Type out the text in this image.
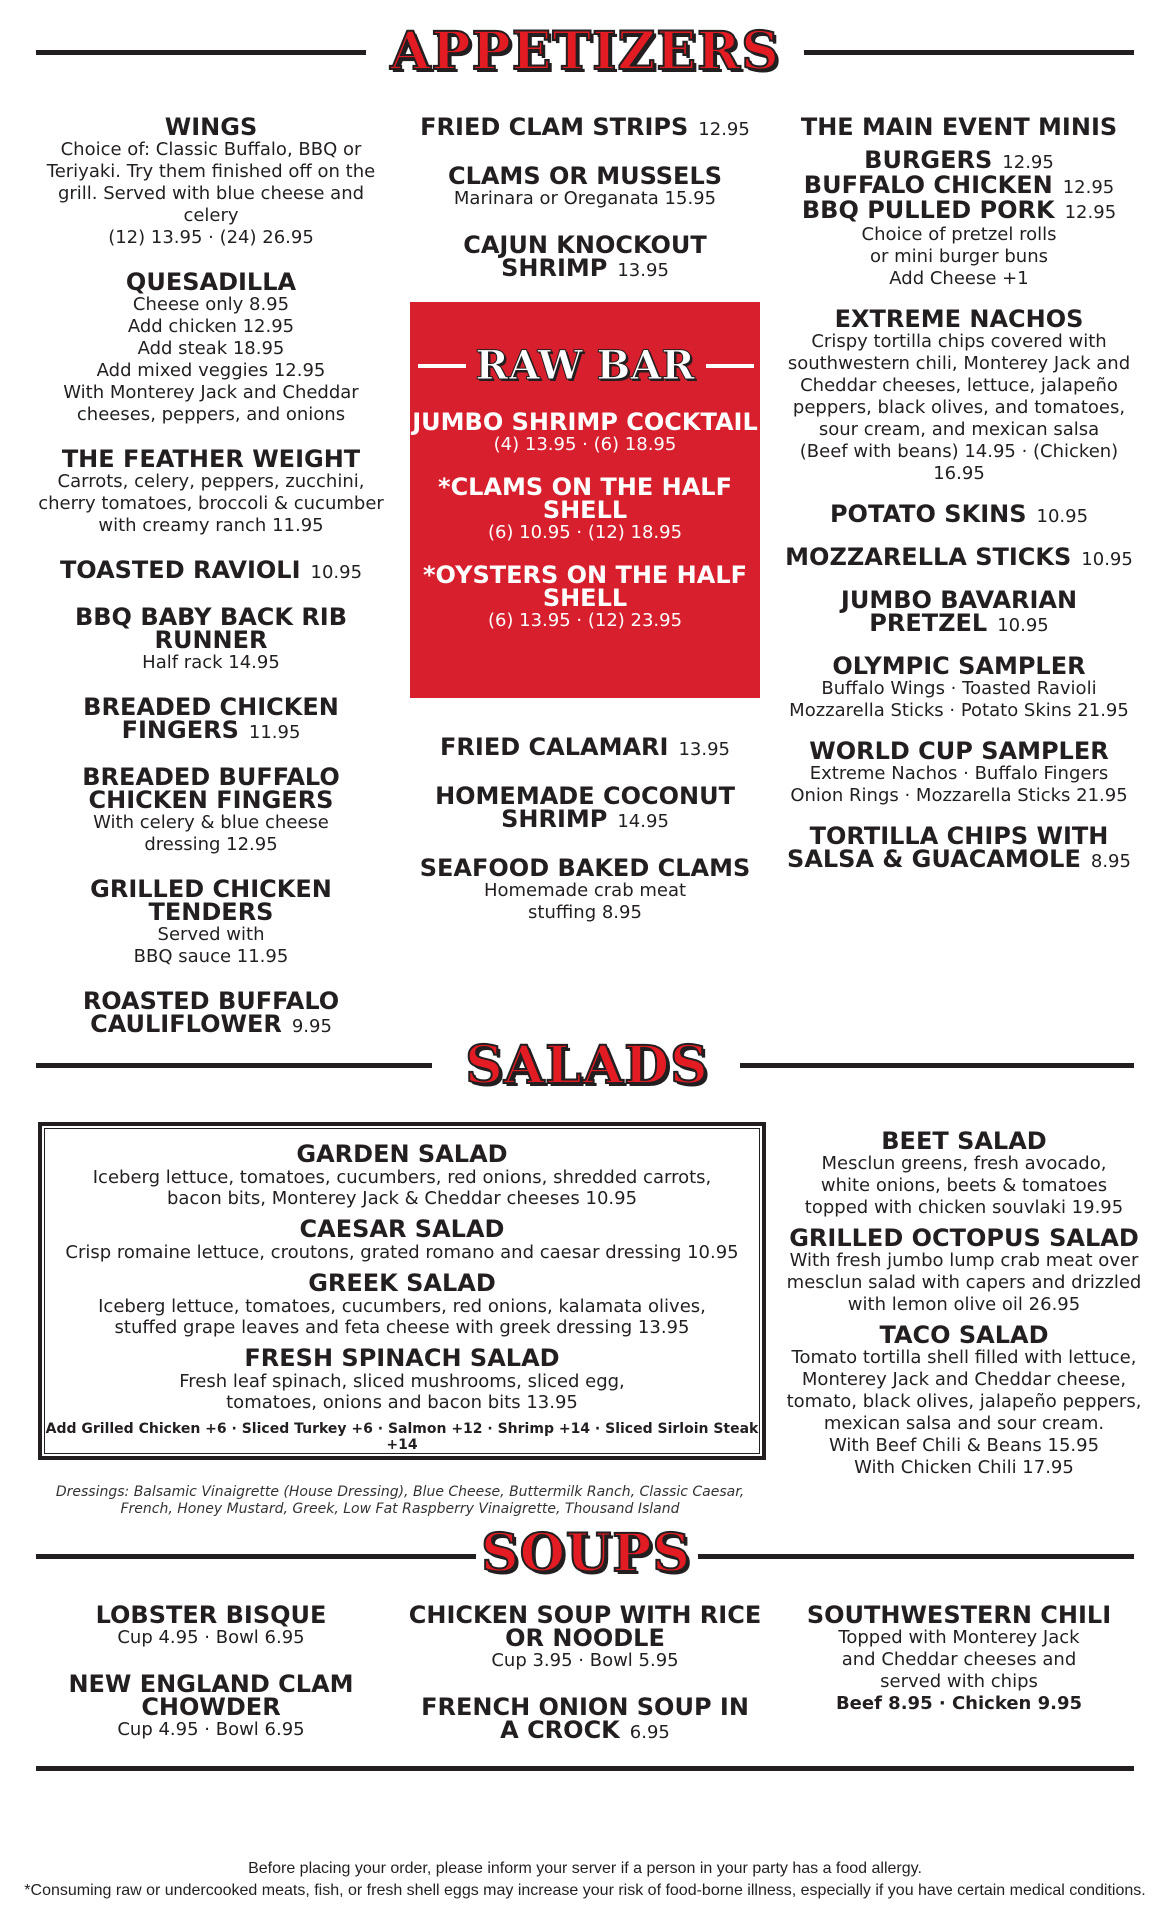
APPETIZERS
WINGS
Choice of: Classic Buffalo, BBQ or
Teriyaki. Try them finished off on the
grill. Served with blue cheese and celery
(12) 13.95 · (24) 26.95
QUESADILLA
Cheese only 8.95
Add chicken 12.95
Add steak 18.95
Add mixed veggies 12.95
With Monterey Jack and Cheddar
cheeses, peppers, and onions
THE FEATHER WEIGHT
Carrots, celery, peppers, zucchini,
cherry tomatoes, broccoli & cucumber
with creamy ranch 11.95
TOASTED RAVIOLI 10.95
BBQ BABY BACK RIB RUNNER
Half rack 14.95
BREADED CHICKEN FINGERS 11.95
BREADED BUFFALO CHICKEN FINGERS
With celery & blue cheese
dressing 12.95
GRILLED CHICKEN TENDERS
Served with
BBQ sauce 11.95
ROASTED BUFFALO CAULIFLOWER 9.95
FRIED CLAM STRIPS 12.95
CLAMS OR MUSSELS
Marinara or Oreganata 15.95
CAJUN KNOCKOUT SHRIMP 13.95
RAW BAR
JUMBO SHRIMP COCKTAIL
(4) 13.95 · (6) 18.95
*CLAMS ON THE HALF SHELL
(6) 10.95 · (12) 18.95
*OYSTERS ON THE HALF SHELL
(6) 13.95 · (12) 23.95
FRIED CALAMARI 13.95
HOMEMADE COCONUT SHRIMP 14.95
SEAFOOD BAKED CLAMS
Homemade crab meat
stuffing 8.95
THE MAIN EVENT MINIS
BURGERS 12.95
BUFFALO CHICKEN 12.95
BBQ PULLED PORK 12.95
Choice of pretzel rolls
or mini burger buns
Add Cheese +1
EXTREME NACHOS
Crispy tortilla chips covered with
southwestern chili, Monterey Jack and
Cheddar cheeses, lettuce, jalapeño
peppers, black olives, and tomatoes,
sour cream, and mexican salsa
(Beef with beans) 14.95 · (Chicken) 16.95
POTATO SKINS 10.95
MOZZARELLA STICKS 10.95
JUMBO BAVARIAN PRETZEL 10.95
OLYMPIC SAMPLER
Buffalo Wings · Toasted Ravioli
Mozzarella Sticks · Potato Skins 21.95
WORLD CUP SAMPLER
Extreme Nachos · Buffalo Fingers
Onion Rings · Mozzarella Sticks 21.95
TORTILLA CHIPS WITH SALSA & GUACAMOLE 8.95
SALADS
GARDEN SALAD
Iceberg lettuce, tomatoes, cucumbers, red onions, shredded carrots,
bacon bits, Monterey Jack & Cheddar cheeses 10.95
CAESAR SALAD
Crisp romaine lettuce, croutons, grated romano and caesar dressing 10.95
GREEK SALAD
Iceberg lettuce, tomatoes, cucumbers, red onions, kalamata olives,
stuffed grape leaves and feta cheese with greek dressing 13.95
FRESH SPINACH SALAD
Fresh leaf spinach, sliced mushrooms, sliced egg,
tomatoes, onions and bacon bits 13.95
Add Grilled Chicken +6 · Sliced Turkey +6 · Salmon +12 · Shrimp +14 · Sliced Sirloin Steak +14
Dressings: Balsamic Vinaigrette (House Dressing), Blue Cheese, Buttermilk Ranch, Classic Caesar,
French, Honey Mustard, Greek, Low Fat Raspberry Vinaigrette, Thousand Island
BEET SALAD
Mesclun greens, fresh avocado,
white onions, beets & tomatoes
topped with chicken souvlaki 19.95
GRILLED OCTOPUS SALAD
With fresh jumbo lump crab meat over
mesclun salad with capers and drizzled
with lemon olive oil 26.95
TACO SALAD
Tomato tortilla shell filled with lettuce,
Monterey Jack and Cheddar cheese,
tomato, black olives, jalapeño peppers,
mexican salsa and sour cream.
With Beef Chili & Beans 15.95
With Chicken Chili 17.95
SOUPS
LOBSTER BISQUE
Cup 4.95 · Bowl 6.95
NEW ENGLAND CLAM CHOWDER
Cup 4.95 · Bowl 6.95
CHICKEN SOUP WITH RICE OR NOODLE
Cup 3.95 · Bowl 5.95
FRENCH ONION SOUP IN A CROCK 6.95
SOUTHWESTERN CHILI
Topped with Monterey Jack
and Cheddar cheeses and
served with chips
Beef 8.95 · Chicken 9.95
Before placing your order, please inform your server if a person in your party has a food allergy.
*Consuming raw or undercooked meats, fish, or fresh shell eggs may increase your risk of food-borne illness, especially if you have certain medical conditions.
